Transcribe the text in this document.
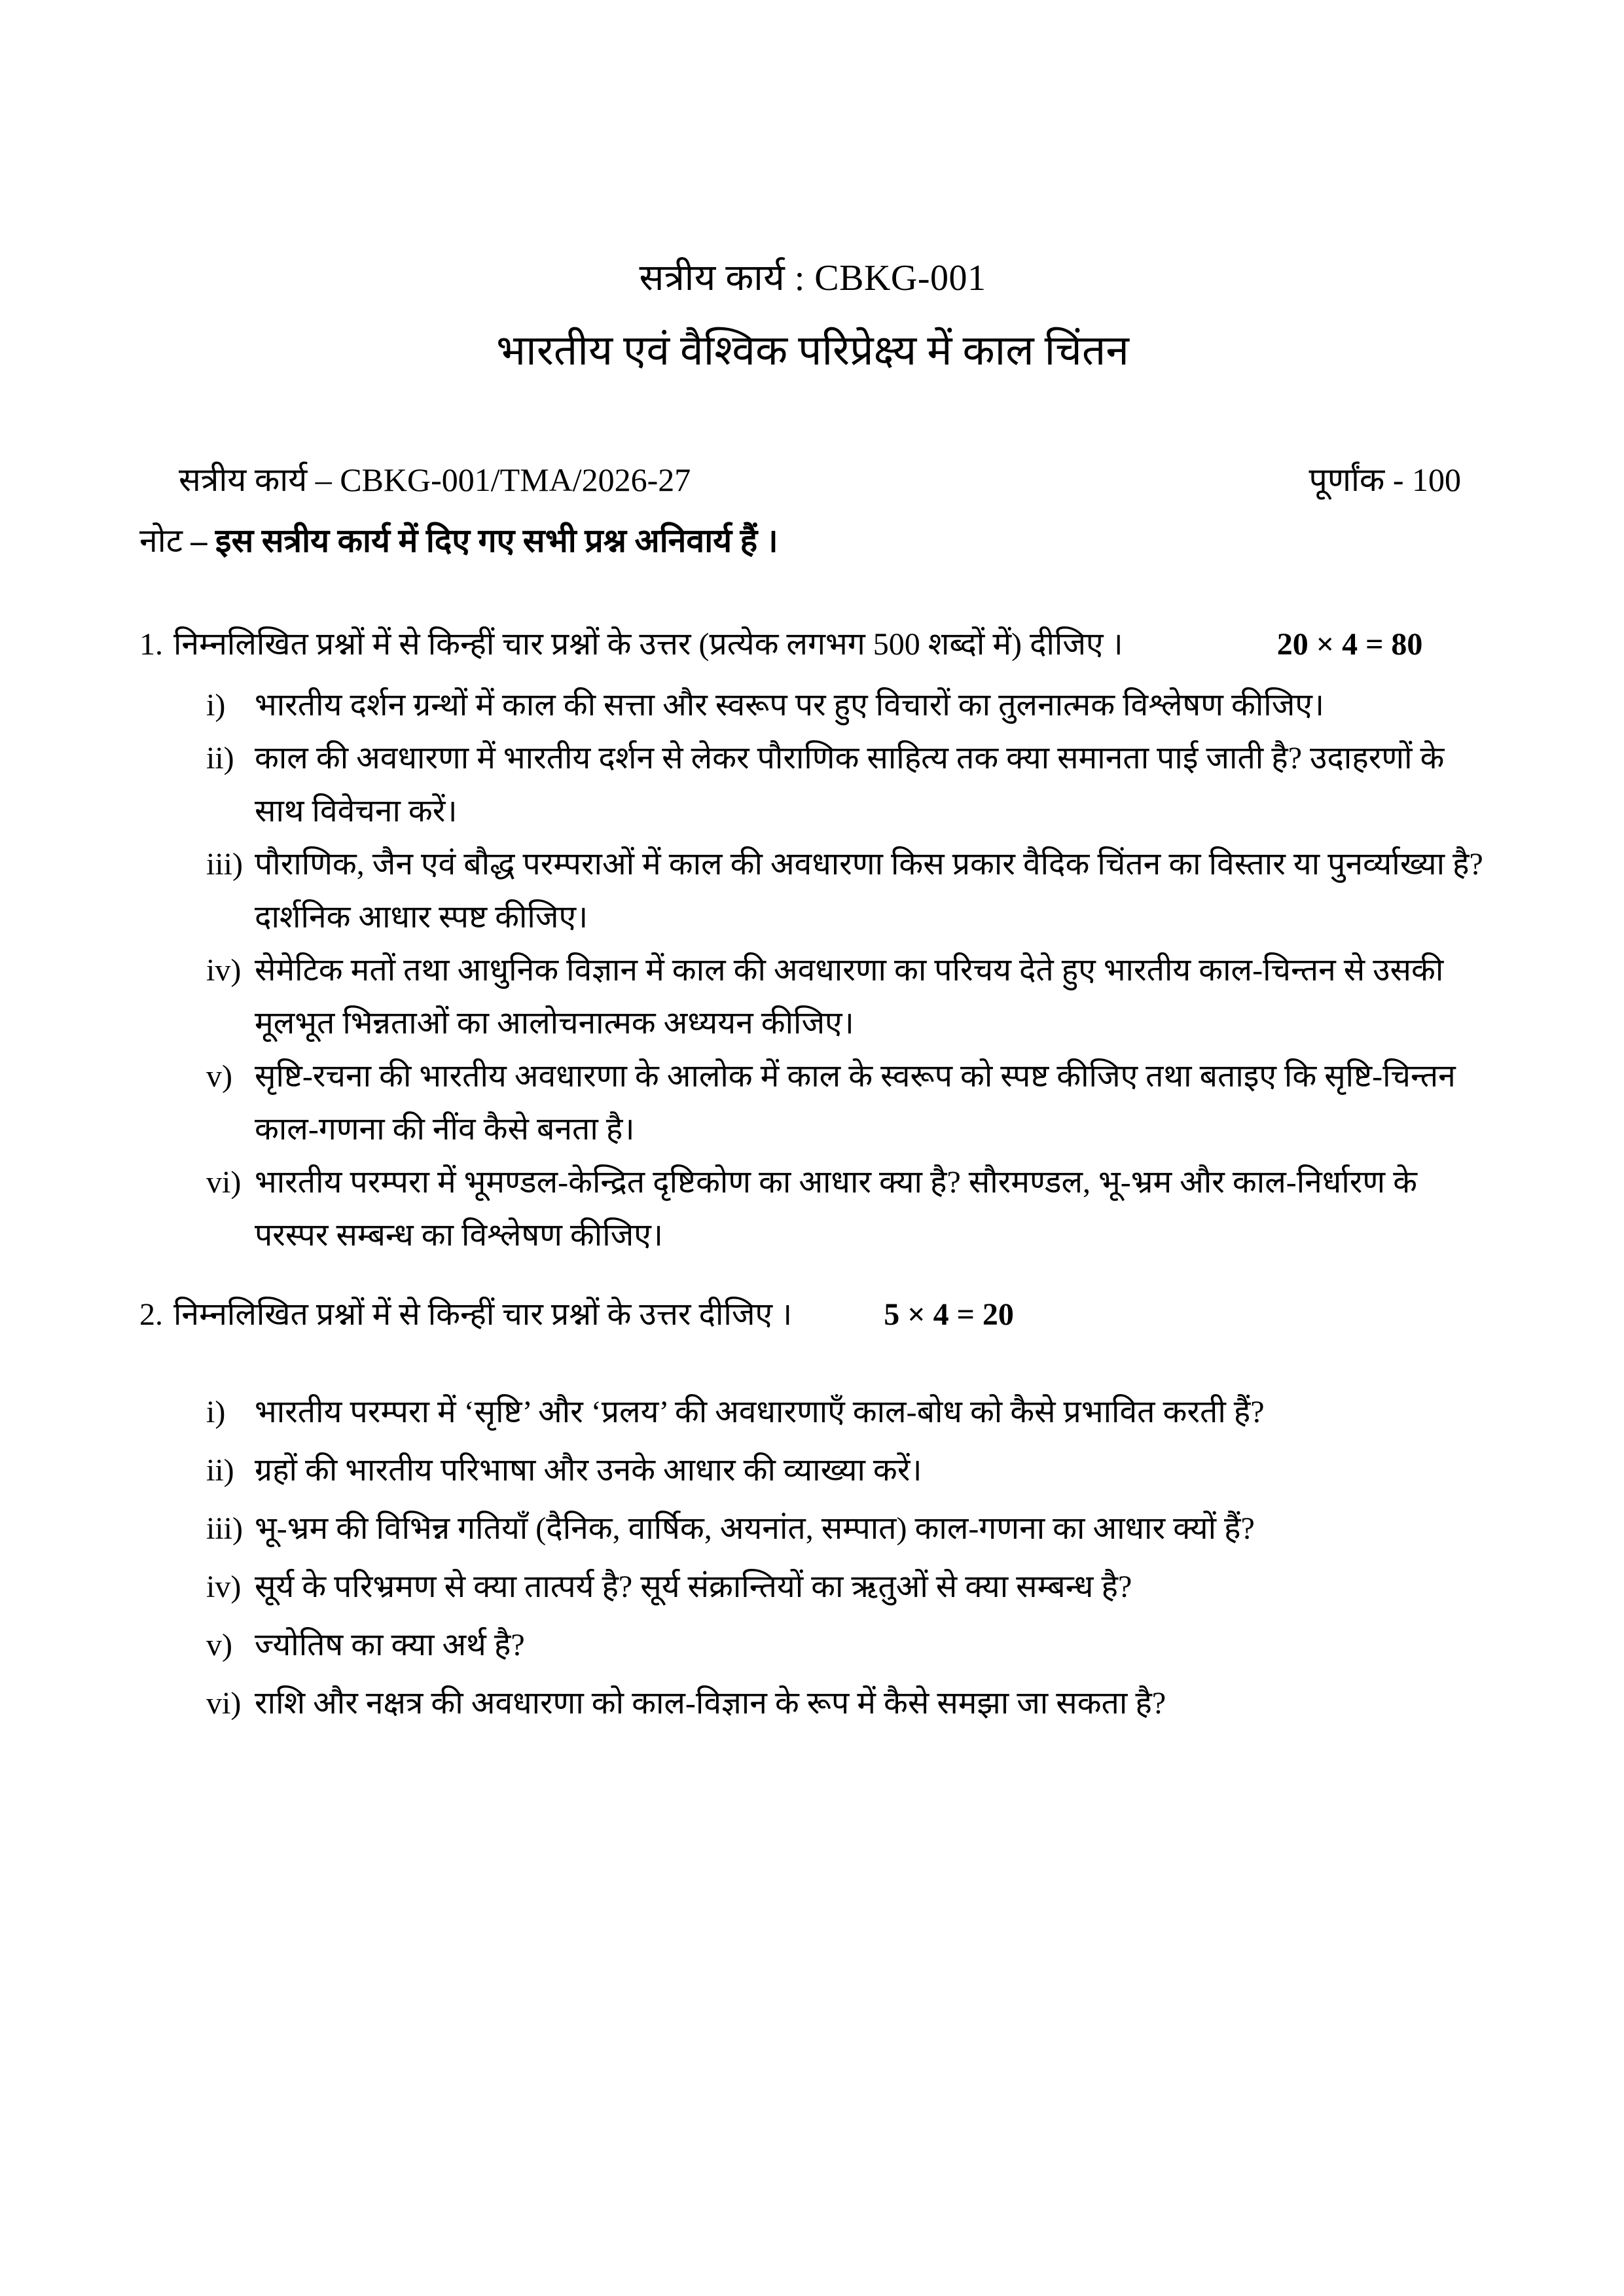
सत्रीय कार्य : CBKG-001
भारतीय एवं वैश्विक परिप्रेक्ष्य में काल चिंतन
सत्रीय कार्य – CBKG-001/TMA/2026-27	पूर्णांक - 100

नोट – इस सत्रीय कार्य में दिए गए सभी प्रश्न अनिवार्य हैं ।

1. निम्नलिखित प्रश्नों में से किन्हीं चार प्रश्नों के उत्तर (प्रत्येक लगभग 500 शब्दों में) दीजिए ।	20 × 4 = 80

i) भारतीय दर्शन ग्रन्थों में काल की सत्ता और स्वरूप पर हुए विचारों का तुलनात्मक विश्लेषण कीजिए।

ii) काल की अवधारणा में भारतीय दर्शन से लेकर पौराणिक साहित्य तक क्या समानता पाई जाती है? उदाहरणों के साथ विवेचना करें।

iii) पौराणिक, जैन एवं बौद्ध परम्पराओं में काल की अवधारणा किस प्रकार वैदिक चिंतन का विस्तार या पुनर्व्याख्या है? दार्शनिक आधार स्पष्ट कीजिए।

iv) सेमेटिक मतों तथा आधुनिक विज्ञान में काल की अवधारणा का परिचय देते हुए भारतीय काल-चिन्तन से उसकी मूलभूत भिन्नताओं का आलोचनात्मक अध्ययन कीजिए।

v) सृष्टि-रचना की भारतीय अवधारणा के आलोक में काल के स्वरूप को स्पष्ट कीजिए तथा बताइए कि सृष्टि-चिन्तन काल-गणना की नींव कैसे बनता है।

vi) भारतीय परम्परा में भूमण्डल-केन्द्रित दृष्टिकोण का आधार क्या है? सौरमण्डल, भू-भ्रम और काल-निर्धारण के परस्पर सम्बन्ध का विश्लेषण कीजिए।

2. निम्नलिखित प्रश्नों में से किन्हीं चार प्रश्नों के उत्तर दीजिए ।	5 × 4 = 20

i) भारतीय परम्परा में ‘सृष्टि’ और ‘प्रलय’ की अवधारणाएँ काल-बोध को कैसे प्रभावित करती हैं?

ii) ग्रहों की भारतीय परिभाषा और उनके आधार की व्याख्या करें।

iii) भू-भ्रम की विभिन्न गतियाँ (दैनिक, वार्षिक, अयनांत, सम्पात) काल-गणना का आधार क्यों हैं?

iv) सूर्य के परिभ्रमण से क्या तात्पर्य है? सूर्य संक्रान्तियों का ऋतुओं से क्या सम्बन्ध है?

v) ज्योतिष का क्या अर्थ है?

vi) राशि और नक्षत्र की अवधारणा को काल-विज्ञान के रूप में कैसे समझा जा सकता है?
